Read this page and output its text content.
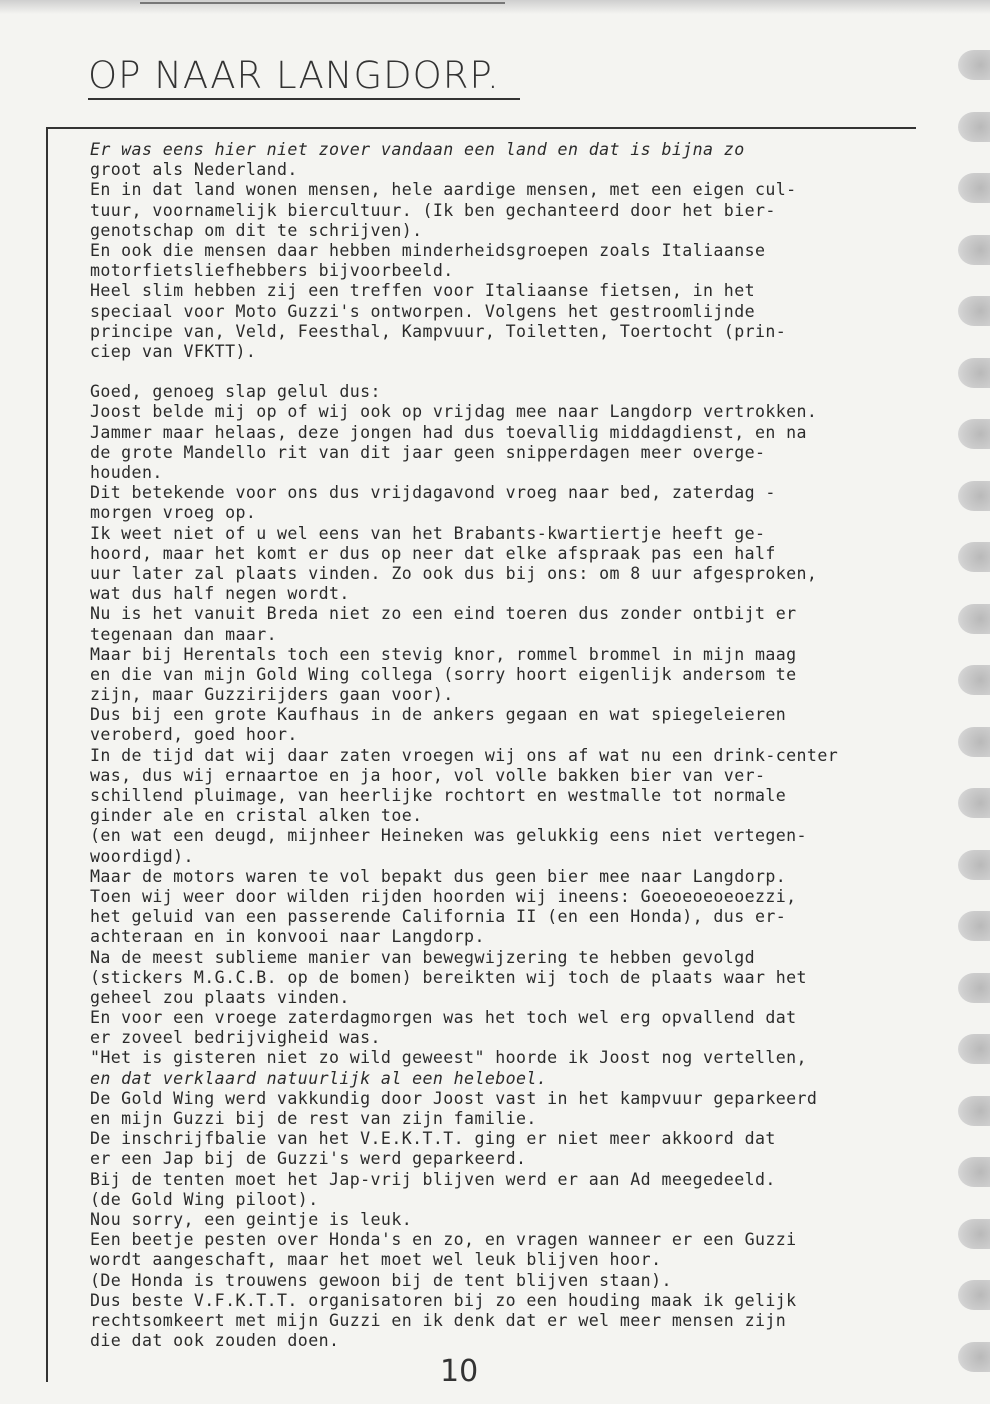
OP NAAR LANGDORP.
Er was eens hier niet zover vandaan een land en dat is bijna zo
groot als Nederland.
En in dat land wonen mensen, hele aardige mensen, met een eigen cul-
tuur, voornamelijk biercultuur. (Ik ben gechanteerd door het bier-
genotschap om dit te schrijven).
En ook die mensen daar hebben minderheidsgroepen zoals Italiaanse
motorfietsliefhebbers bijvoorbeeld.
Heel slim hebben zij een treffen voor Italiaanse fietsen, in het
speciaal voor Moto Guzzi's ontworpen. Volgens het gestroomlijnde
principe van, Veld, Feesthal, Kampvuur, Toiletten, Toertocht (prin-
ciep van VFKTT).
Goed, genoeg slap gelul dus:
Joost belde mij op of wij ook op vrijdag mee naar Langdorp vertrokken.
Jammer maar helaas, deze jongen had dus toevallig middagdienst, en na
de grote Mandello rit van dit jaar geen snipperdagen meer overge-
houden.
Dit betekende voor ons dus vrijdagavond vroeg naar bed, zaterdag -
morgen vroeg op.
Ik weet niet of u wel eens van het Brabants-kwartiertje heeft ge-
hoord, maar het komt er dus op neer dat elke afspraak pas een half
uur later zal plaats vinden. Zo ook dus bij ons: om 8 uur afgesproken,
wat dus half negen wordt.
Nu is het vanuit Breda niet zo een eind toeren dus zonder ontbijt er
tegenaan dan maar.
Maar bij Herentals toch een stevig knor, rommel brommel in mijn maag
en die van mijn Gold Wing collega (sorry hoort eigenlijk andersom te
zijn, maar Guzzirijders gaan voor).
Dus bij een grote Kaufhaus in de ankers gegaan en wat spiegeleieren
veroberd, goed hoor.
In de tijd dat wij daar zaten vroegen wij ons af wat nu een drink-center
was, dus wij ernaartoe en ja hoor, vol volle bakken bier van ver-
schillend pluimage, van heerlijke rochtort en westmalle tot normale
ginder ale en cristal alken toe.
(en wat een deugd, mijnheer Heineken was gelukkig eens niet vertegen-
woordigd).
Maar de motors waren te vol bepakt dus geen bier mee naar Langdorp.
Toen wij weer door wilden rijden hoorden wij ineens: Goeoeoeoeoezzi,
het geluid van een passerende California II (en een Honda), dus er-
achteraan en in konvooi naar Langdorp.
Na de meest sublieme manier van bewegwijzering te hebben gevolgd
(stickers M.G.C.B. op de bomen) bereikten wij toch de plaats waar het
geheel zou plaats vinden.
En voor een vroege zaterdagmorgen was het toch wel erg opvallend dat
er zoveel bedrijvigheid was.
"Het is gisteren niet zo wild geweest" hoorde ik Joost nog vertellen,
en dat verklaard natuurlijk al een heleboel.
De Gold Wing werd vakkundig door Joost vast in het kampvuur geparkeerd
en mijn Guzzi bij de rest van zijn familie.
De inschrijfbalie van het V.E.K.T.T. ging er niet meer akkoord dat
er een Jap bij de Guzzi's werd geparkeerd.
Bij de tenten moet het Jap-vrij blijven werd er aan Ad meegedeeld.
(de Gold Wing piloot).
Nou sorry, een geintje is leuk.
Een beetje pesten over Honda's en zo, en vragen wanneer er een Guzzi
wordt aangeschaft, maar het moet wel leuk blijven hoor.
(De Honda is trouwens gewoon bij de tent blijven staan).
Dus beste V.F.K.T.T. organisatoren bij zo een houding maak ik gelijk
rechtsomkeert met mijn Guzzi en ik denk dat er wel meer mensen zijn
die dat ook zouden doen.
10
